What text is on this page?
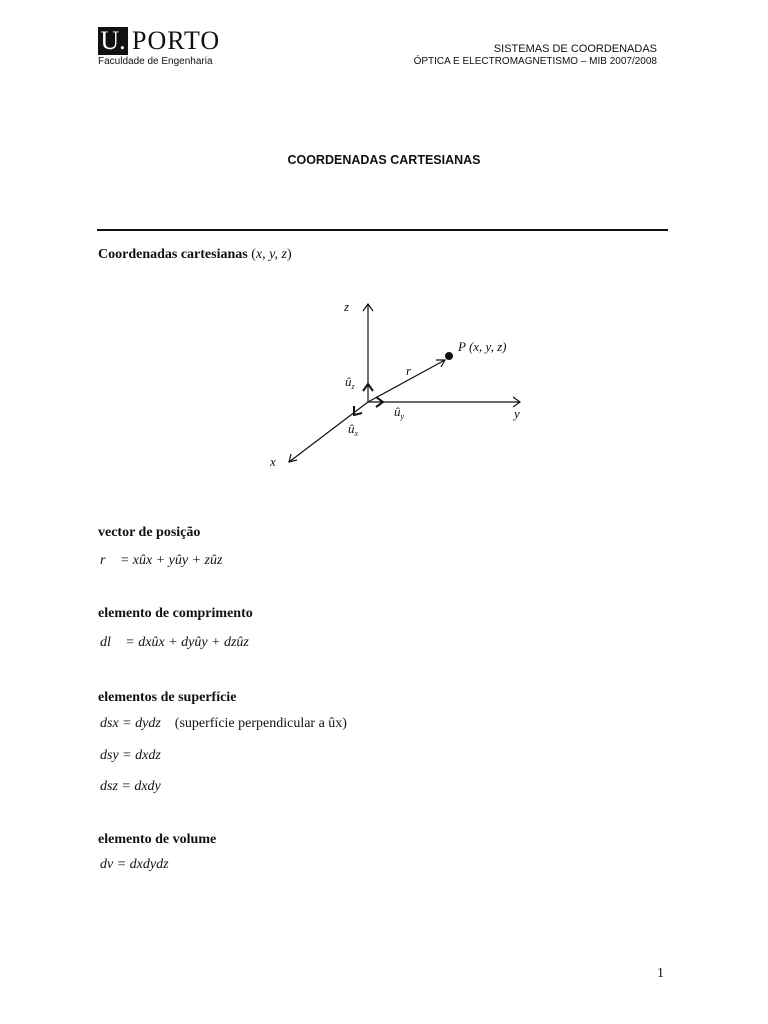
U. PORTO
Faculdade de Engenharia
SISTEMAS DE COORDENADAS
ÓPTICA E ELECTROMAGNETISMO – MIB 2007/2008
COORDENADAS CARTESIANAS
Coordenadas cartesianas (x, y, z)
z
y
x
P (x, y, z)
r⃗
$û_z$
$û_y$
$û_x$
vector de posição
r⃗ = xûx + yûy + zûz
elemento de comprimento
dl⃗ = dxûx + dyûy + dzûz
elementos de superfície
dsx = dydz (superfície perpendicular a ûx)
dsy = dxdz
dsz = dxdy
elemento de volume
dv = dxdydz
1
